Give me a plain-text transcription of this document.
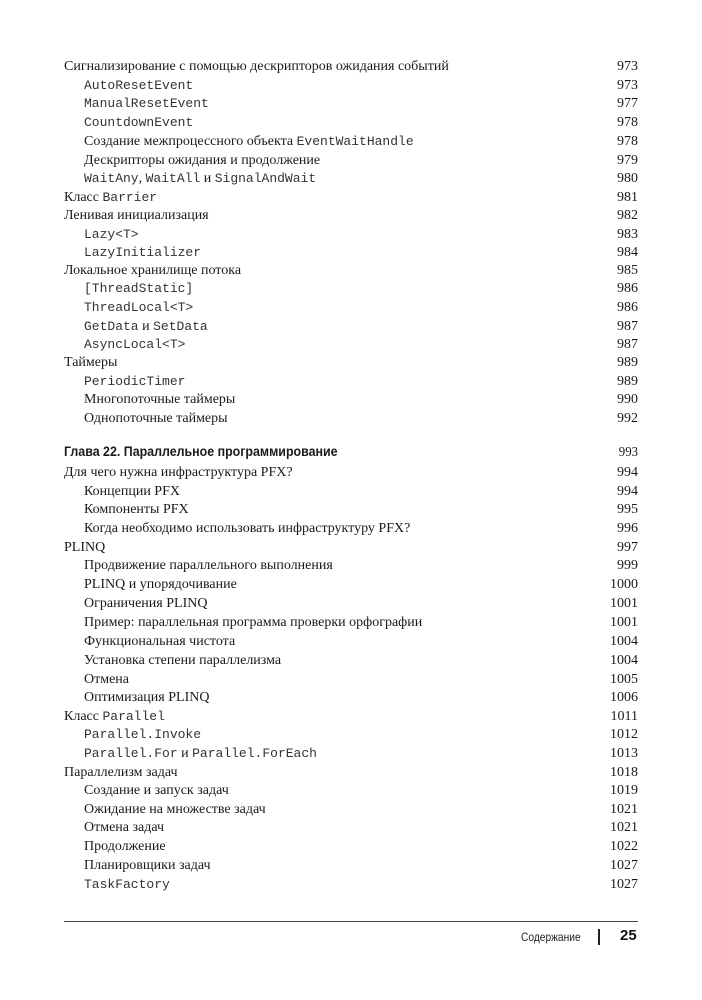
Сигнализирование с помощью дескрипторов ожидания событий	973
AutoResetEvent	973
ManualResetEvent	977
CountdownEvent	978
Создание межпроцессного объекта EventWaitHandle	978
Дескрипторы ожидания и продолжение	979
WaitAny, WaitAll и SignalAndWait	980
Класс Barrier	981
Ленивая инициализация	982
Lazy<T>	983
LazyInitializer	984
Локальное хранилище потока	985
[ThreadStatic]	986
ThreadLocal<T>	986
GetData и SetData	987
AsyncLocal<T>	987
Таймеры	989
PeriodicTimer	989
Многопоточные таймеры	990
Однопоточные таймеры	992
Глава 22. Параллельное программирование	993
Для чего нужна инфраструктура PFX?	994
Концепции PFX	994
Компоненты PFX	995
Когда необходимо использовать инфраструктуру PFX?	996
PLINQ	997
Продвижение параллельного выполнения	999
PLINQ и упорядочивание	1000
Ограничения PLINQ	1001
Пример: параллельная программа проверки орфографии	1001
Функциональная чистота	1004
Установка степени параллелизма	1004
Отмена	1005
Оптимизация PLINQ	1006
Класс Parallel	1011
Parallel.Invoke	1012
Parallel.For и Parallel.ForEach	1013
Параллелизм задач	1018
Создание и запуск задач	1019
Ожидание на множестве задач	1021
Отмена задач	1021
Продолжение	1022
Планировщики задач	1027
TaskFactory	1027
Содержание	25
